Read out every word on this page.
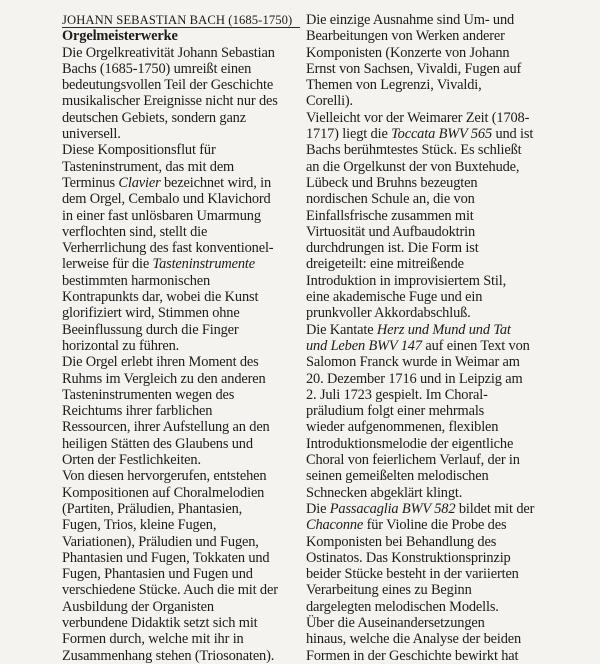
JOHANN SEBASTIAN BACH (1685-1750)
Orgelmeisterwerke
Die Orgelkreativität Johann Sebastian
Bachs (1685-1750) umreißt einen
bedeutungsvollen Teil der Geschichte
musikalischer Ereignisse nicht nur des
deutschen Gebiets, sondern ganz
universell.
Diese Kompositionsflut für
Tasteninstrument, das mit dem
Terminus Clavier bezeichnet wird, in
dem Orgel, Cembalo und Klavichord
in einer fast unlösbaren Umarmung
verflochten sind, stellt die
Verherrlichung des fast konventionel-
lerweise für die Tasteninstrumente
bestimmten harmonischen
Kontrapunkts dar, wobei die Kunst
glorifiziert wird, Stimmen ohne
Beeinflussung durch die Finger
horizontal zu führen.
Die Orgel erlebt ihren Moment des
Ruhms im Vergleich zu den anderen
Tasteninstrumenten wegen des
Reichtums ihrer farblichen
Ressourcen, ihrer Aufstellung an den
heiligen Stätten des Glaubens und
Orten der Festlichkeiten.
Von diesen hervorgerufen, entstehen
Kompositionen auf Choralmelodien
(Partiten, Präludien, Phantasien,
Fugen, Trios, kleine Fugen,
Variationen), Präludien und Fugen,
Phantasien und Fugen, Tokkaten und
Fugen, Phantasien und Fugen und
verschiedene Stücke. Auch die mit der
Ausbildung der Organisten
verbundene Didaktik setzt sich mit
Formen durch, welche mit ihr in
Zusammenhang stehen (Triosonaten).
Die einzige Ausnahme sind Um- und
Bearbeitungen von Werken anderer
Komponisten (Konzerte von Johann
Ernst von Sachsen, Vivaldi, Fugen auf
Themen von Legrenzi, Vivaldi,
Corelli).
Vielleicht vor der Weimarer Zeit (1708-
1717) liegt die Toccata BWV 565 und ist
Bachs berühmtestes Stück. Es schließt
an die Orgelkunst der von Buxtehude,
Lübeck und Bruhns bezeugten
nordischen Schule an, die von
Einfallsfrische zusammen mit
Virtuosität und Aufbaudoktrin
durchdrungen ist. Die Form ist
dreigeteilt: eine mitreißende
Introduktion in improvisiertem Stil,
eine akademische Fuge und ein
prunkvoller Akkordabschluß.
Die Kantate Herz und Mund und Tat
und Leben BWV 147 auf einen Text von
Salomon Franck wurde in Weimar am
20. Dezember 1716 und in Leipzig am
2. Juli 1723 gespielt. Im Choral-
präludium folgt einer mehrmals
wieder aufgenommenen, flexiblen
Introduktionsmelodie der eigentliche
Choral von feierlichem Verlauf, der in
seinen gemeißelten melodischen
Schnecken abgeklärt klingt.
Die Passacaglia BWV 582 bildet mit der
Chaconne für Violine die Probe des
Komponisten bei Behandlung des
Ostinatos. Das Konstruktionsprinzip
beider Stücke besteht in der variierten
Verarbeitung eines zu Beginn
dargelegten melodischen Modells.
Über die Auseinandersetzungen
hinaus, welche die Analyse der beiden
Formen in der Geschichte bewirkt hat
